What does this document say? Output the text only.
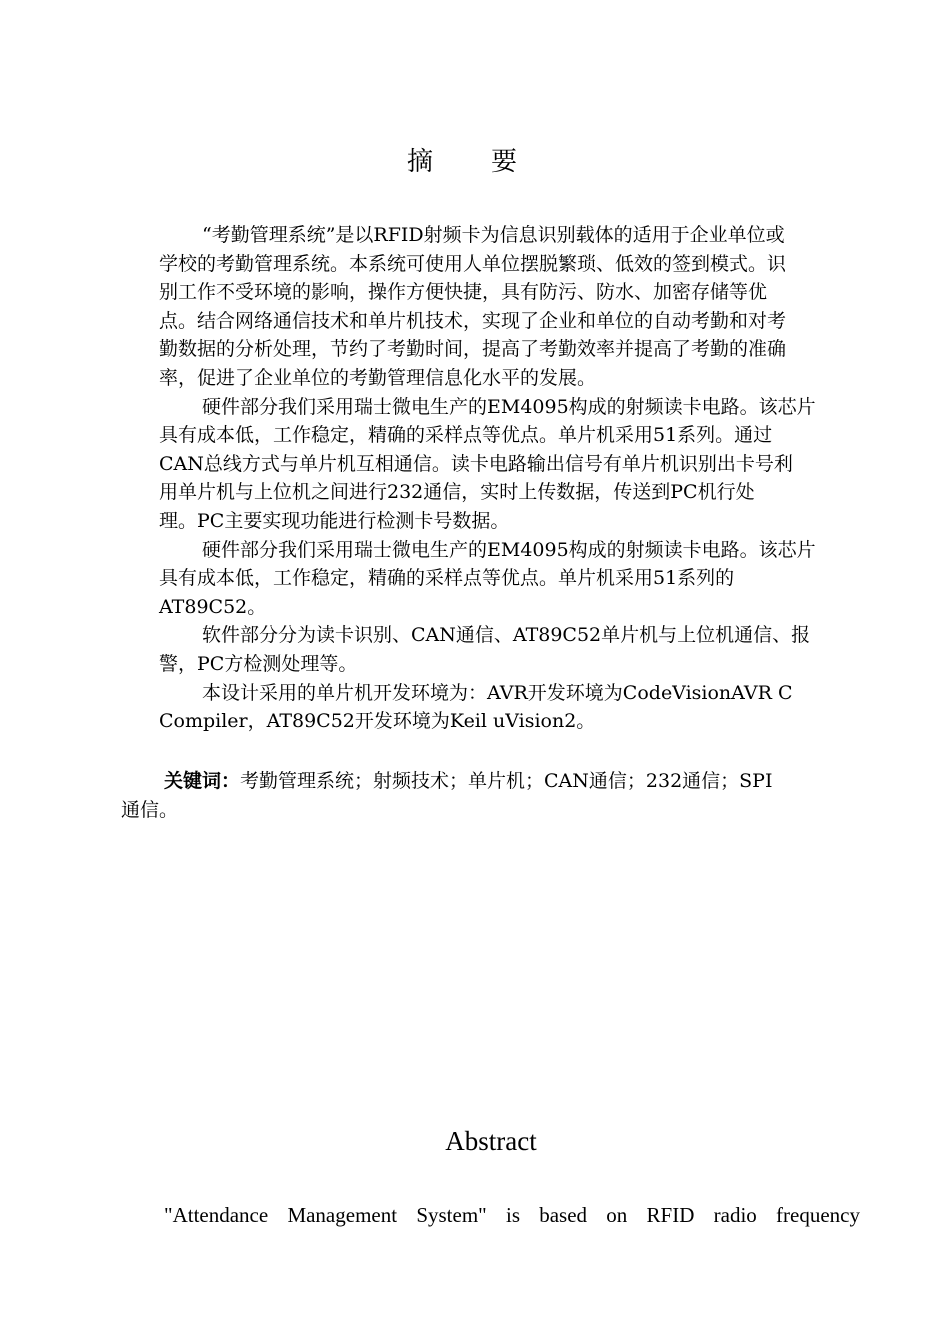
摘要

“考勤管理系统”是以RFID射频卡为信息识别载体的适用于企业单位或
学校的考勤管理系统。本系统可使用人单位摆脱繁琐、低效的签到模式。识
别工作不受环境的影响，操作方便快捷，具有防污、防水、加密存储等优
点。结合网络通信技术和单片机技术，实现了企业和单位的自动考勤和对考
勤数据的分析处理，节约了考勤时间，提高了考勤效率并提高了考勤的准确
率，促进了企业单位的考勤管理信息化水平的发展。

硬件部分我们采用瑞士微电生产的EM4095构成的射频读卡电路。该芯片
具有成本低，工作稳定，精确的采样点等优点。单片机采用51系列。通过
CAN总线方式与单片机互相通信。读卡电路输出信号有单片机识别出卡号利
用单片机与上位机之间进行232通信，实时上传数据，传送到PC机行处
理。PC主要实现功能进行检测卡号数据。

硬件部分我们采用瑞士微电生产的EM4095构成的射频读卡电路。该芯片
具有成本低，工作稳定，精确的采样点等优点。单片机采用51系列的
AT89C52。

软件部分分为读卡识别、CAN通信、AT89C52单片机与上位机通信、报
警，PC方检测处理等。

本设计采用的单片机开发环境为：AVR开发环境为CodeVisionAVR C
Compiler，AT89C52开发环境为Keil uVision2。

关键词：考勤管理系统；射频技术；单片机；CAN通信；232通信；SPI
通信。
Abstract
"Attendance Management System" is based on RFID radio frequency
